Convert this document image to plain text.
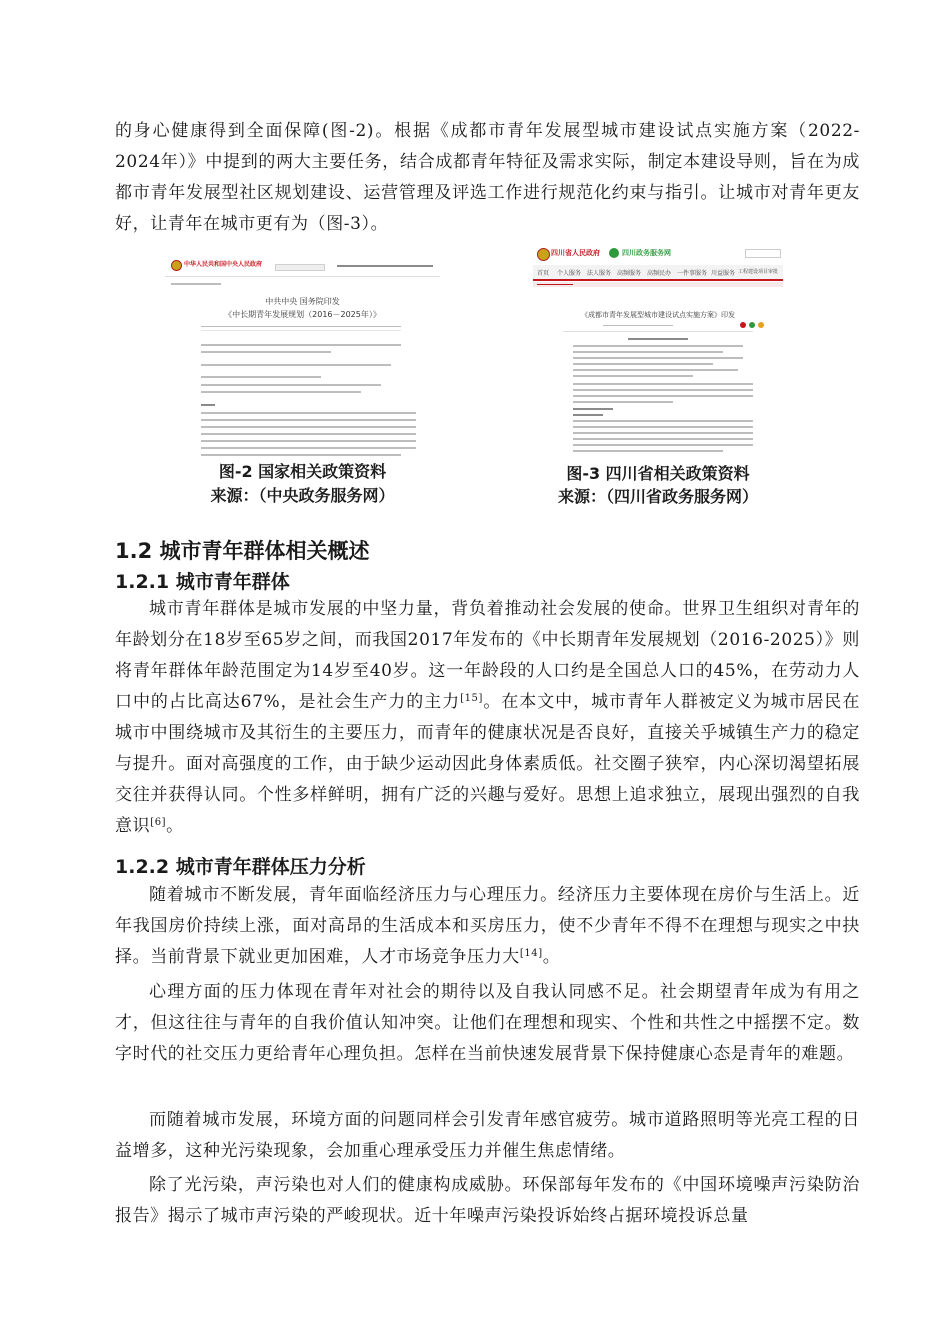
的身心健康得到全面保障(图-2)。根据《成都市青年发展型城市建设试点实施方案（2022-2024年）》中提到的两大主要任务，结合成都青年特征及需求实际，制定本建设导则，旨在为成都市青年发展型社区规划建设、运营管理及评选工作进行规范化约束与指引。让城市对青年更友好，让青年在城市更有为（图-3）。

中华人民共和国中央人民政府
中共中央 国务院印发
《中长期青年发展规划（2016－2025年）》
图-2 国家相关政策资料
来源：（中央政务服务网）
四川省人民政府	四川政务服务网
首页 个人服务 法人服务 高频服务 高频民办 一件事服务 川益服务 工程建设项目审批
《成都市青年发展型城市建设试点实施方案》印发
图-3 四川省相关政策资料
来源：（四川省政务服务网）
1.2 城市青年群体相关概述
1.2.1 城市青年群体

城市青年群体是城市发展的中坚力量，背负着推动社会发展的使命。世界卫生组织对青年的年龄划分在18岁至65岁之间，而我国2017年发布的《中长期青年发展规划（2016-2025）》则将青年群体年龄范围定为14岁至40岁。这一年龄段的人口约是全国总人口的45%，在劳动力人口中的占比高达67%，是社会生产力的主力[15]。在本文中，城市青年人群被定义为城市居民在城市中围绕城市及其衍生的主要压力，而青年的健康状况是否良好，直接关乎城镇生产力的稳定与提升。面对高强度的工作，由于缺少运动因此身体素质低。社交圈子狭窄，内心深切渴望拓展交往并获得认同。个性多样鲜明，拥有广泛的兴趣与爱好。思想上追求独立，展现出强烈的自我意识[6]。

1.2.2 城市青年群体压力分析

随着城市不断发展，青年面临经济压力与心理压力。经济压力主要体现在房价与生活上。近年我国房价持续上涨，面对高昂的生活成本和买房压力，使不少青年不得不在理想与现实之中抉择。当前背景下就业更加困难，人才市场竞争压力大[14]。

心理方面的压力体现在青年对社会的期待以及自我认同感不足。社会期望青年成为有用之才，但这往往与青年的自我价值认知冲突。让他们在理想和现实、个性和共性之中摇摆不定。数字时代的社交压力更给青年心理负担。怎样在当前快速发展背景下保持健康心态是青年的难题。

而随着城市发展，环境方面的问题同样会引发青年感官疲劳。城市道路照明等光亮工程的日益增多，这种光污染现象，会加重心理承受压力并催生焦虑情绪。

除了光污染，声污染也对人们的健康构成威胁。环保部每年发布的《中国环境噪声污染防治报告》揭示了城市声污染的严峻现状。近十年噪声污染投诉始终占据环境投诉总量
